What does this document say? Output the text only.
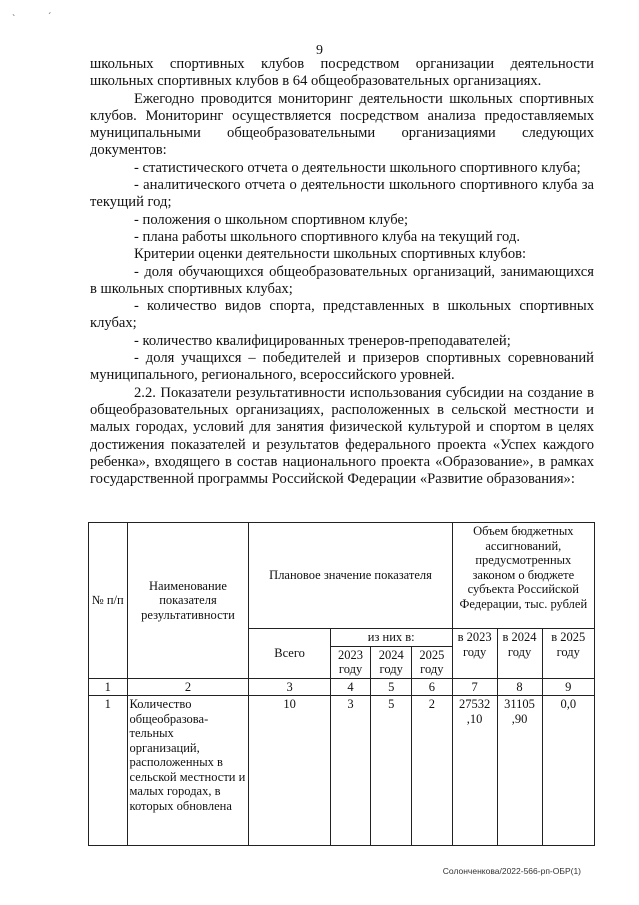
ˋ	ˊ
9

школьных спортивных клубов посредством организации деятельности школьных спортивных клубов в 64 общеобразовательных организациях.

Ежегодно проводится мониторинг деятельности школьных спортивных клубов. Мониторинг осуществляется посредством анализа предоставляемых муниципальными общеобразовательными организациями следующих документов:

- статистического отчета о деятельности школьного спортивного клуба;

- аналитического отчета о деятельности школьного спортивного клуба за текущий год;

- положения о школьном спортивном клубе;

- плана работы школьного спортивного клуба на текущий год.

Критерии оценки деятельности школьных спортивных клубов:

- доля обучающихся общеобразовательных организаций, занимающихся в школьных спортивных клубах;

- количество видов спорта, представленных в школьных спортивных клубах;

- количество квалифицированных тренеров-преподавателей;

- доля учащихся – победителей и призеров спортивных соревнований муниципального, регионального, всероссийского уровней.

2.2. Показатели результативности использования субсидии на создание в общеобразовательных организациях, расположенных в сельской местности и малых городах, условий для занятия физической культурой и спортом в целях достижения показателей и результатов федерального проекта «Успех каждого ребенка», входящего в состав национального проекта «Образование», в рамках государственной программы Российской Федерации «Развитие образования»:

№ п/п	Наименование показателя результативности	Плановое значение показателя				Объем бюджетных ассигнований, предусмотренных законом о бюджете субъекта Российской Федерации, тыс. рублей		
		Всего	из них в:			в 2023 году	в 2024 году	в 2025 году
			2023 году	2024 году	2025 году			
1	2	3	4	5	6	7	8	9
1	Количество общеобразова-тельных организаций, расположенных в сельской местности и малых городах, в которых обновлена	10	3	5	2	27532 ,10	31105 ,90	0,0
Солонченкова/2022-566-рп-ОБР(1)
